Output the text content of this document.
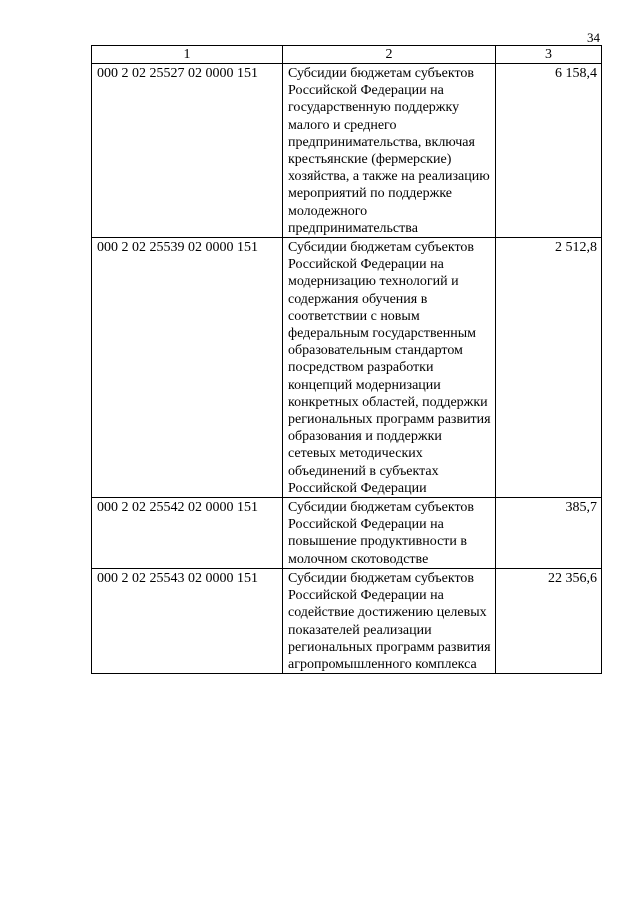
34
1	2	3
000 2 02 25527 02 0000 151	Субсидии бюджетам субъектов Российской Федерации на государственную поддержку малого и среднего предпринимательства, включая крестьянские (фермерские) хозяйства, а также на реализацию мероприятий по поддержке молодежного предпринимательства	6 158,4
000 2 02 25539 02 0000 151	Субсидии бюджетам субъектов Российской Федерации на модернизацию технологий и содержания обучения в соответствии с новым федеральным государственным образовательным стандартом посредством разработки концепций модернизации конкретных областей, поддержки региональных программ развития образования и поддержки сетевых методических объединений в субъектах Российской Федерации	2 512,8
000 2 02 25542 02 0000 151	Субсидии бюджетам субъектов Российской Федерации на повышение продуктивности в молочном скотоводстве	385,7
000 2 02 25543 02 0000 151	Субсидии бюджетам субъектов Российской Федерации на содействие достижению целевых показателей реализации региональных программ развития агропромышленного комплекса	22 356,6
